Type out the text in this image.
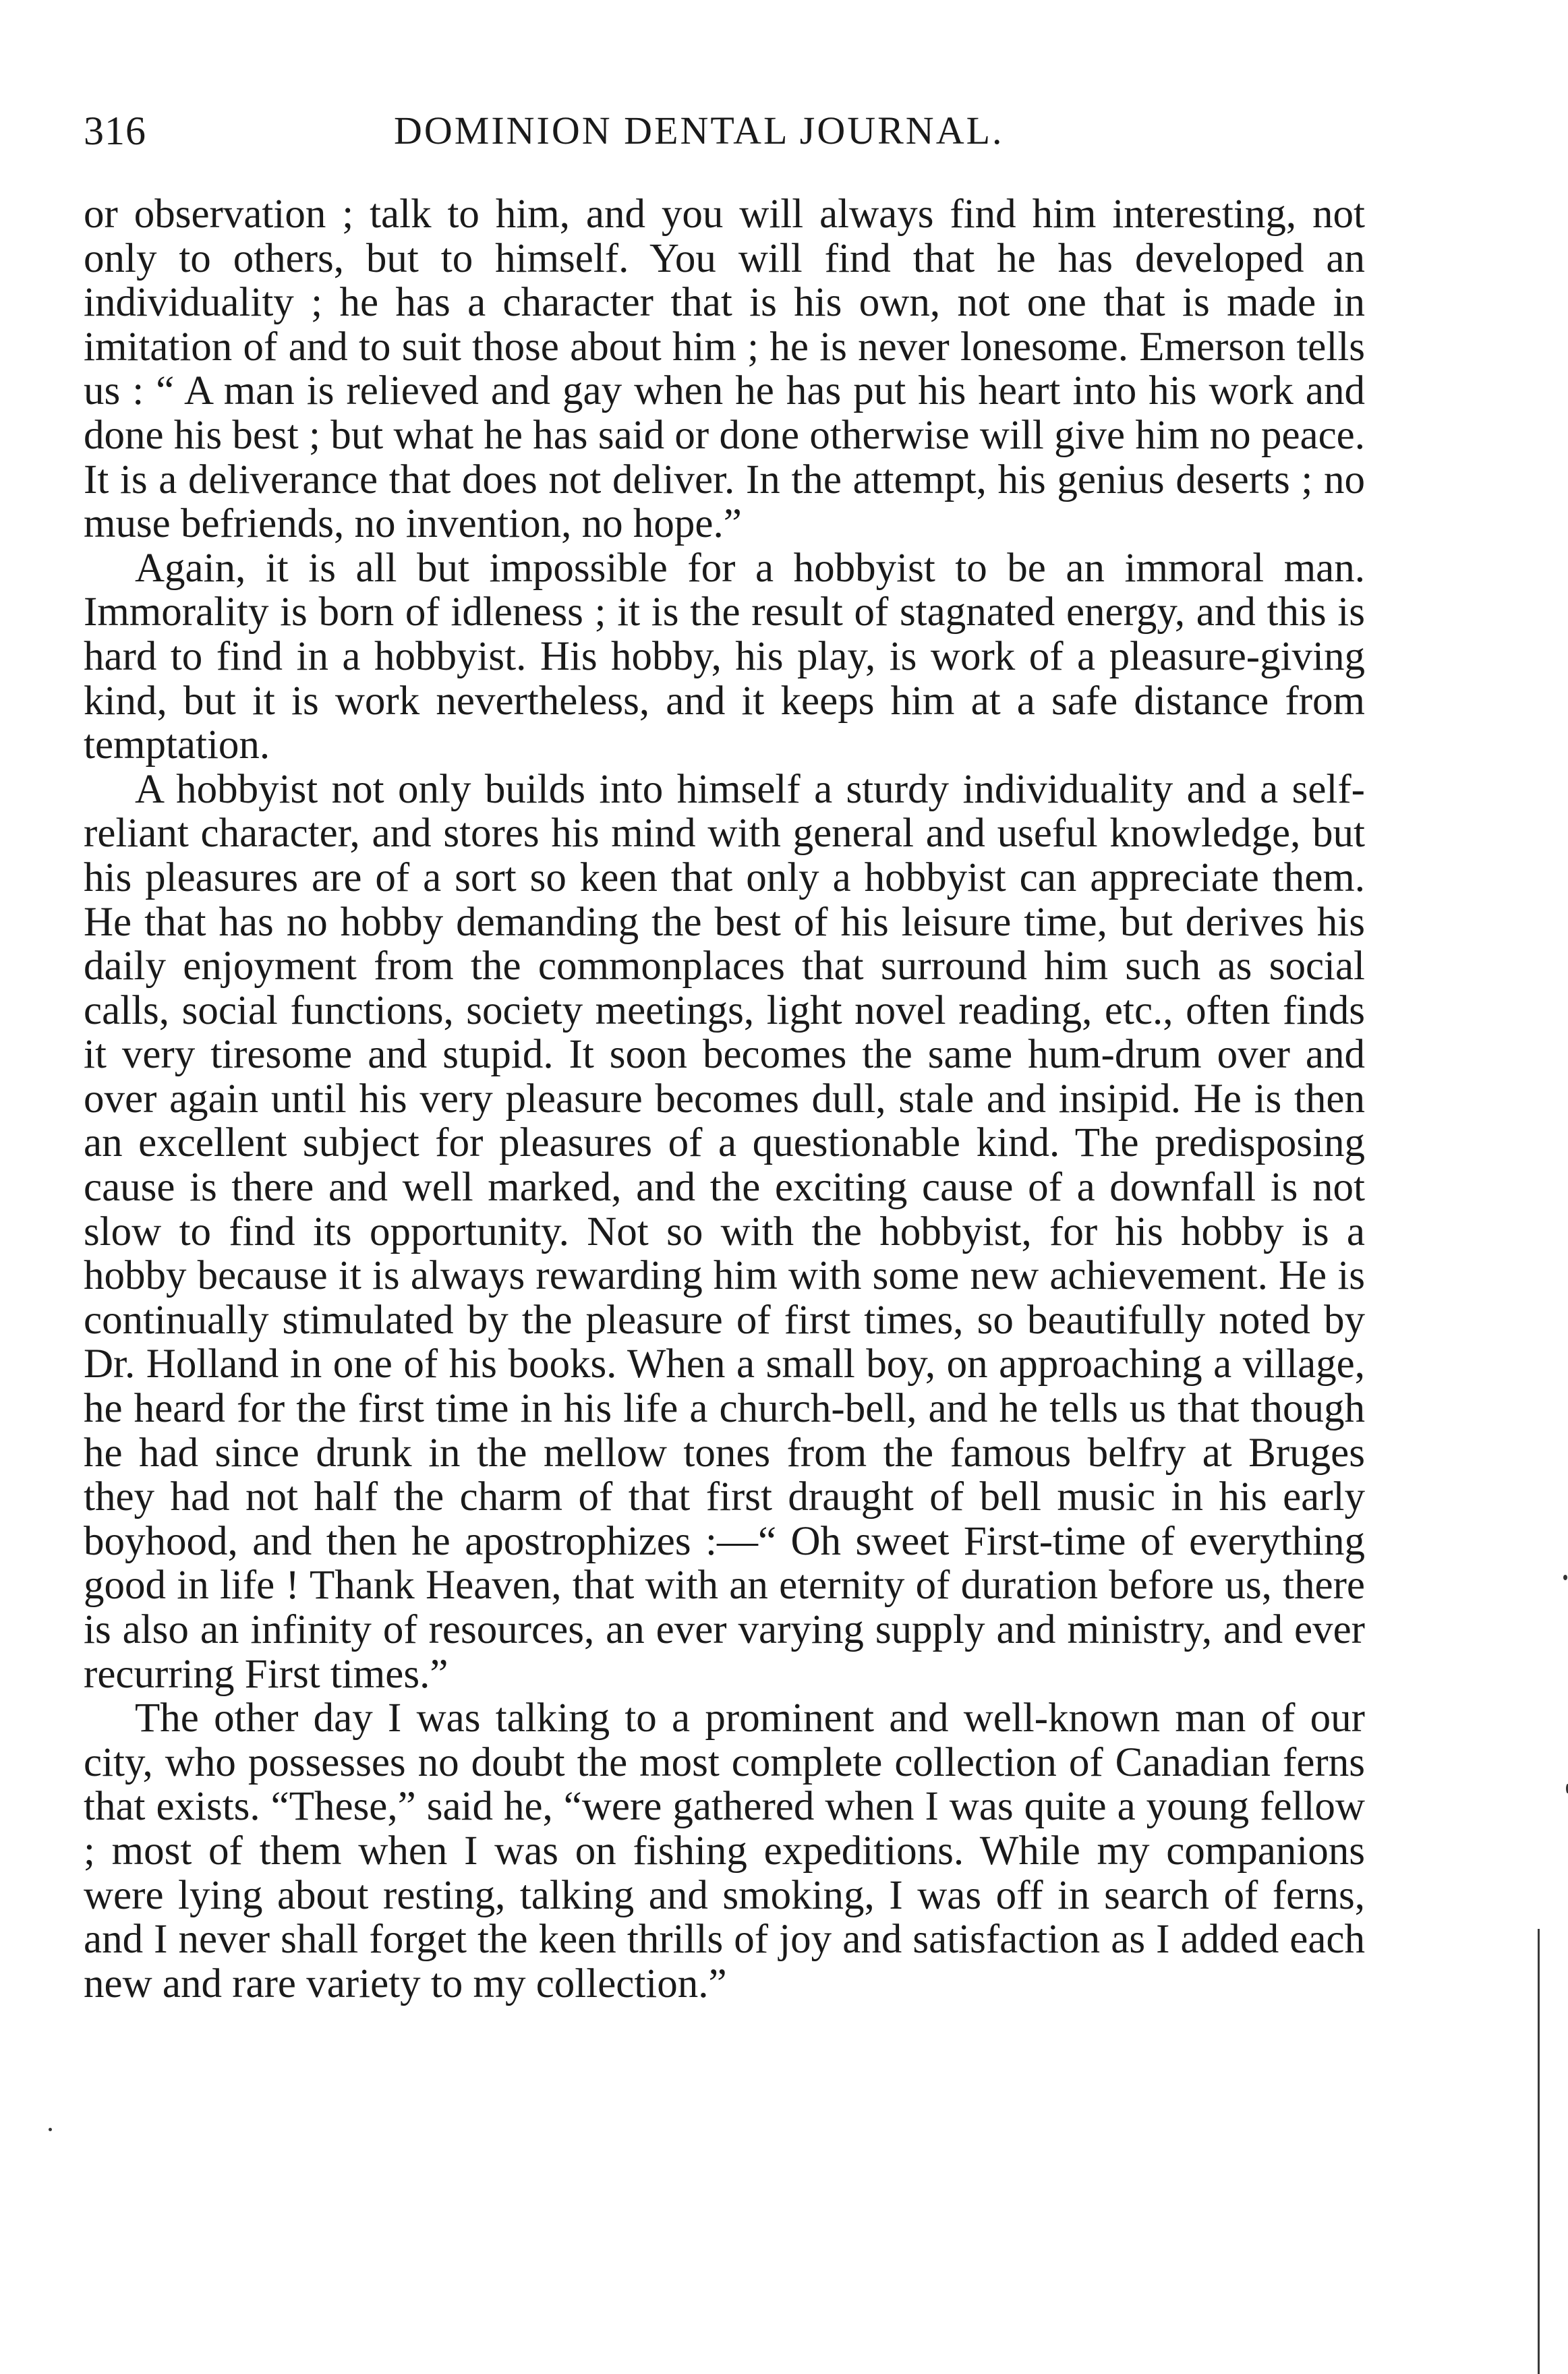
316	DOMINION DENTAL JOURNAL.

or observation ; talk to him, and you will always find him interesting, not only to others, but to himself. You will find that he has developed an individuality ; he has a character that is his own, not one that is made in imitation of and to suit those about him ; he is never lonesome. Emerson tells us : “ A man is relieved and gay when he has put his heart into his work and done his best ; but what he has said or done otherwise will give him no peace. It is a deliverance that does not deliver. In the attempt, his genius deserts ; no muse befriends, no invention, no hope.”

Again, it is all but impossible for a hobbyist to be an immoral man. Immorality is born of idleness ; it is the result of stagnated energy, and this is hard to find in a hobbyist. His hobby, his play, is work of a pleasure-giving kind, but it is work nevertheless, and it keeps him at a safe distance from temptation.

A hobbyist not only builds into himself a sturdy individuality and a self-reliant character, and stores his mind with general and useful knowledge, but his pleasures are of a sort so keen that only a hobbyist can appreciate them. He that has no hobby demanding the best of his leisure time, but derives his daily enjoyment from the commonplaces that surround him such as social calls, social functions, society meetings, light novel reading, etc., often finds it very tiresome and stupid. It soon becomes the same hum-drum over and over again until his very pleasure becomes dull, stale and insipid. He is then an excellent subject for pleasures of a questionable kind. The predisposing cause is there and well marked, and the exciting cause of a downfall is not slow to find its opportunity. Not so with the hobbyist, for his hobby is a hobby because it is always rewarding him with some new achievement. He is continually stimulated by the pleasure of first times, so beautifully noted by Dr. Holland in one of his books. When a small boy, on approaching a village, he heard for the first time in his life a church-bell, and he tells us that though he had since drunk in the mellow tones from the famous belfry at Bruges they had not half the charm of that first draught of bell music in his early boyhood, and then he apostrophizes :—“ Oh sweet First-time of everything good in life ! Thank Heaven, that with an eternity of duration before us, there is also an infinity of resources, an ever varying supply and ministry, and ever recurring First times.”

The other day I was talking to a prominent and well-known man of our city, who possesses no doubt the most complete collection of Canadian ferns that exists. “These,” said he, “were gathered when I was quite a young fellow ; most of them when I was on fishing expeditions. While my companions were lying about resting, talking and smoking, I was off in search of ferns, and I never shall forget the keen thrills of joy and satisfaction as I added each new and rare variety to my collection.”
